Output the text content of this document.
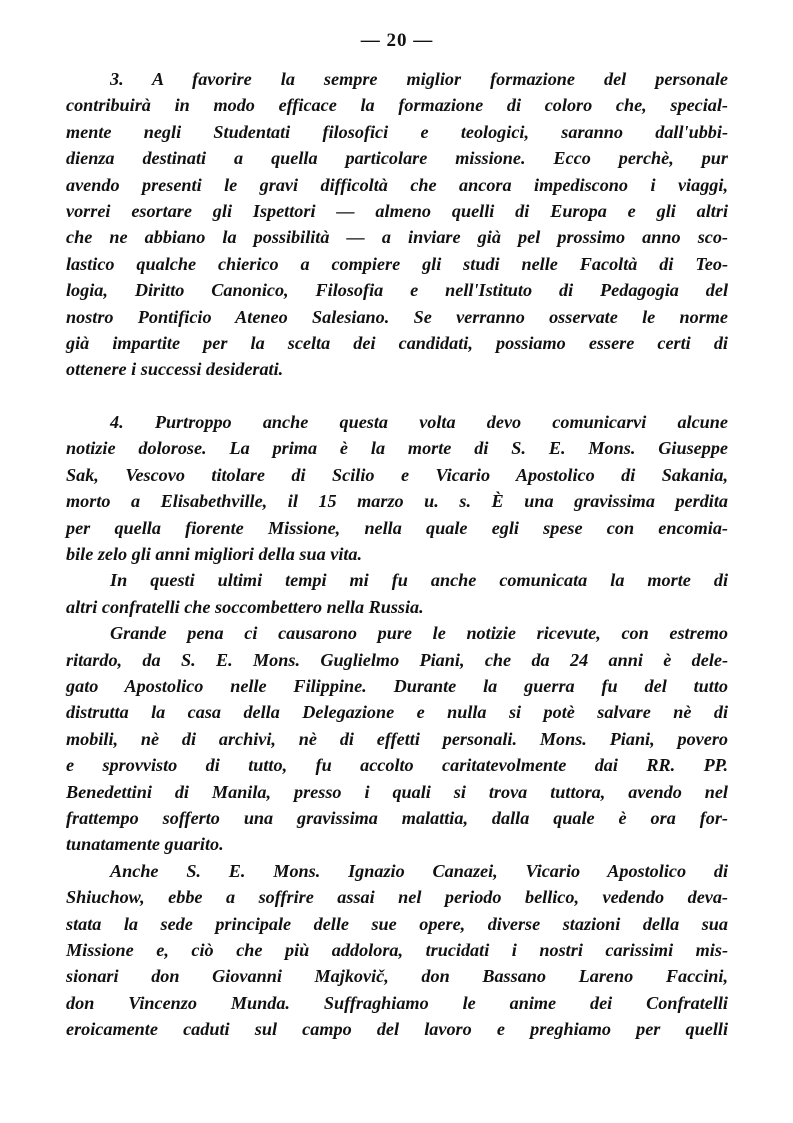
— 20 —
3. A favorire la sempre miglior formazione del personale
contribuirà in modo efficace la formazione di coloro che, special-
mente negli Studentati filosofici e teologici, saranno dall'ubbi-
dienza destinati a quella particolare missione. Ecco perchè, pur
avendo presenti le gravi difficoltà che ancora impediscono i viaggi,
vorrei esortare gli Ispettori — almeno quelli di Europa e gli altri
che ne abbiano la possibilità — a inviare già pel prossimo anno sco-
lastico qualche chierico a compiere gli studi nelle Facoltà di Teo-
logia, Diritto Canonico, Filosofia e nell'Istituto di Pedagogia del
nostro Pontificio Ateneo Salesiano. Se verranno osservate le norme
già impartite per la scelta dei candidati, possiamo essere certi di
ottenere i successi desiderati.
4. Purtroppo anche questa volta devo comunicarvi alcune
notizie dolorose. La prima è la morte di S. E. Mons. Giuseppe
Sak, Vescovo titolare di Scilio e Vicario Apostolico di Sakania,
morto a Elisabethville, il 15 marzo u. s. È una gravissima perdita
per quella fiorente Missione, nella quale egli spese con encomia-
bile zelo gli anni migliori della sua vita.
In questi ultimi tempi mi fu anche comunicata la morte di
altri confratelli che soccombettero nella Russia.
Grande pena ci causarono pure le notizie ricevute, con estremo
ritardo, da S. E. Mons. Guglielmo Piani, che da 24 anni è dele-
gato Apostolico nelle Filippine. Durante la guerra fu del tutto
distrutta la casa della Delegazione e nulla si potè salvare nè di
mobili, nè di archivi, nè di effetti personali. Mons. Piani, povero
e sprovvisto di tutto, fu accolto caritatevolmente dai RR. PP.
Benedettini di Manila, presso i quali si trova tuttora, avendo nel
frattempo sofferto una gravissima malattia, dalla quale è ora for-
tunatamente guarito.
Anche S. E. Mons. Ignazio Canazei, Vicario Apostolico di
Shiuchow, ebbe a soffrire assai nel periodo bellico, vedendo deva-
stata la sede principale delle sue opere, diverse stazioni della sua
Missione e, ciò che più addolora, trucidati i nostri carissimi mis-
sionari don Giovanni Majkovič, don Bassano Lareno Faccini,
don Vincenzo Munda. Suffraghiamo le anime dei Confratelli
eroicamente caduti sul campo del lavoro e preghiamo per quelli
